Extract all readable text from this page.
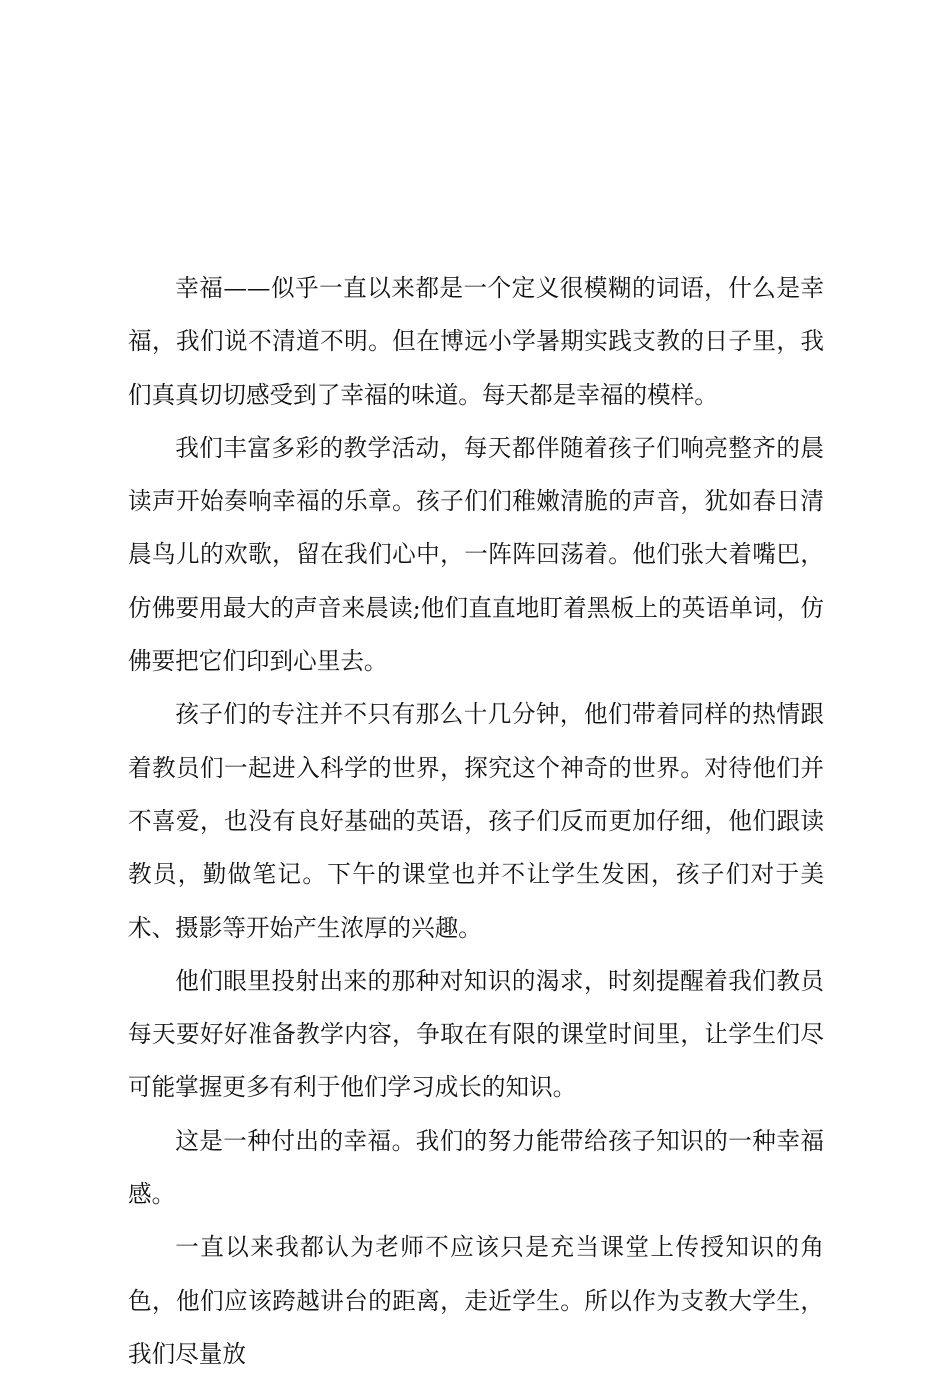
幸福——似乎一直以来都是一个定义很模糊的词语，什么是幸福，我们说不清道不明。但在博远小学暑期实践支教的日子里，我们真真切切感受到了幸福的味道。每天都是幸福的模样。

我们丰富多彩的教学活动，每天都伴随着孩子们响亮整齐的晨读声开始奏响幸福的乐章。孩子们们稚嫩清脆的声音，犹如春日清晨鸟儿的欢歌，留在我们心中，一阵阵回荡着。他们张大着嘴巴，仿佛要用最大的声音来晨读;他们直直地盯着黑板上的英语单词，仿佛要把它们印到心里去。

孩子们的专注并不只有那么十几分钟，他们带着同样的热情跟着教员们一起进入科学的世界，探究这个神奇的世界。对待他们并不喜爱，也没有良好基础的英语，孩子们反而更加仔细，他们跟读教员，勤做笔记。下午的课堂也并不让学生发困，孩子们对于美术、摄影等开始产生浓厚的兴趣。

他们眼里投射出来的那种对知识的渴求，时刻提醒着我们教员每天要好好准备教学内容，争取在有限的课堂时间里，让学生们尽可能掌握更多有利于他们学习成长的知识。

这是一种付出的幸福。我们的努力能带给孩子知识的一种幸福感。

一直以来我都认为老师不应该只是充当课堂上传授知识的角色，他们应该跨越讲台的距离，走近学生。所以作为支教大学生，我们尽量放
